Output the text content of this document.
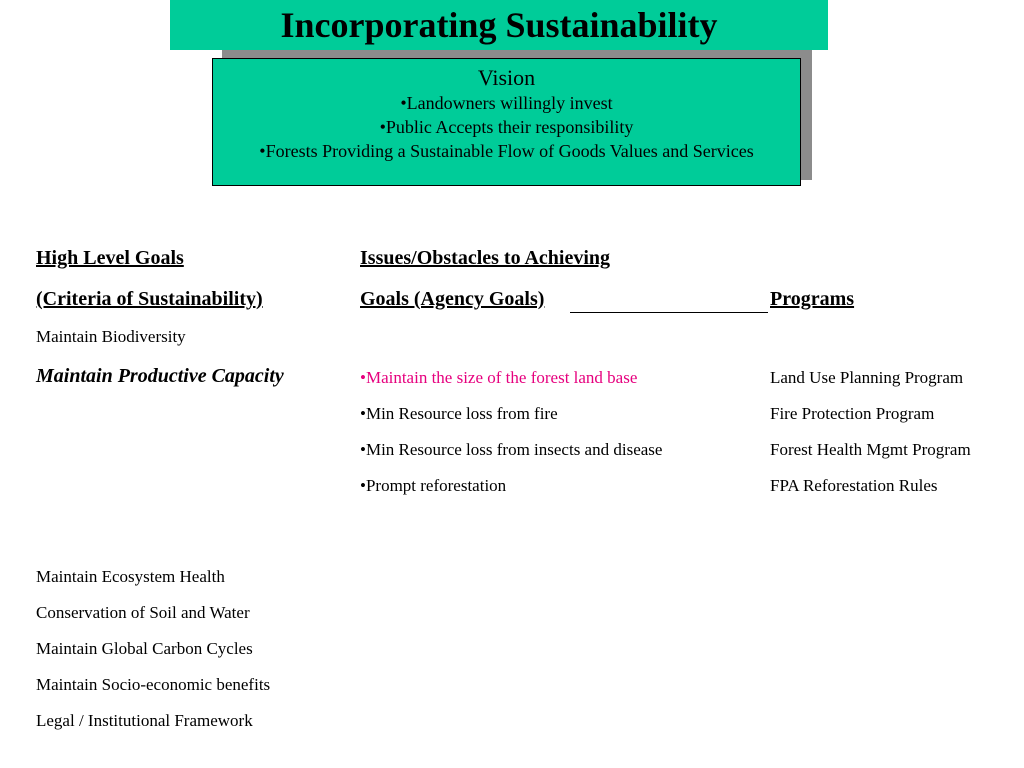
Incorporating Sustainability
Vision
•Landowners willingly invest
•Public Accepts their responsibility
•Forests Providing a Sustainable Flow of Goods Values and Services
High Level Goals
(Criteria of Sustainability)
Issues/Obstacles to Achieving
Goals (Agency Goals)	Programs
Maintain Biodiversity
Maintain Productive Capacity
Maintain Ecosystem Health
Conservation of Soil and Water
Maintain Global Carbon Cycles
Maintain Socio-economic benefits
Legal / Institutional Framework
•Maintain the size of the forest land base
•Min Resource loss from fire
•Min Resource loss from insects and disease
•Prompt reforestation
Land Use Planning Program
Fire Protection Program
Forest Health Mgmt Program
FPA Reforestation Rules
